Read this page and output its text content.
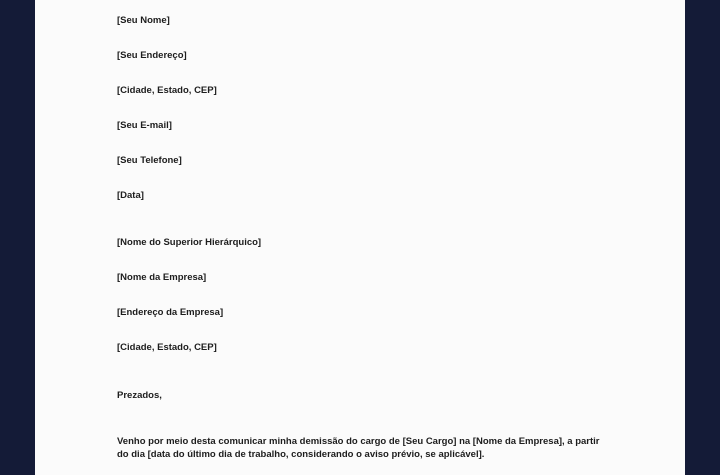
[Seu Nome]

[Seu Endereço]

[Cidade, Estado, CEP]

[Seu E-mail]

[Seu Telefone]

[Data]

[Nome do Superior Hierárquico]

[Nome da Empresa]

[Endereço da Empresa]

[Cidade, Estado, CEP]

Prezados,

Venho por meio desta comunicar minha demissão do cargo de [Seu Cargo] na [Nome da Empresa], a partir
do dia [data do último dia de trabalho, considerando o aviso prévio, se aplicável].
